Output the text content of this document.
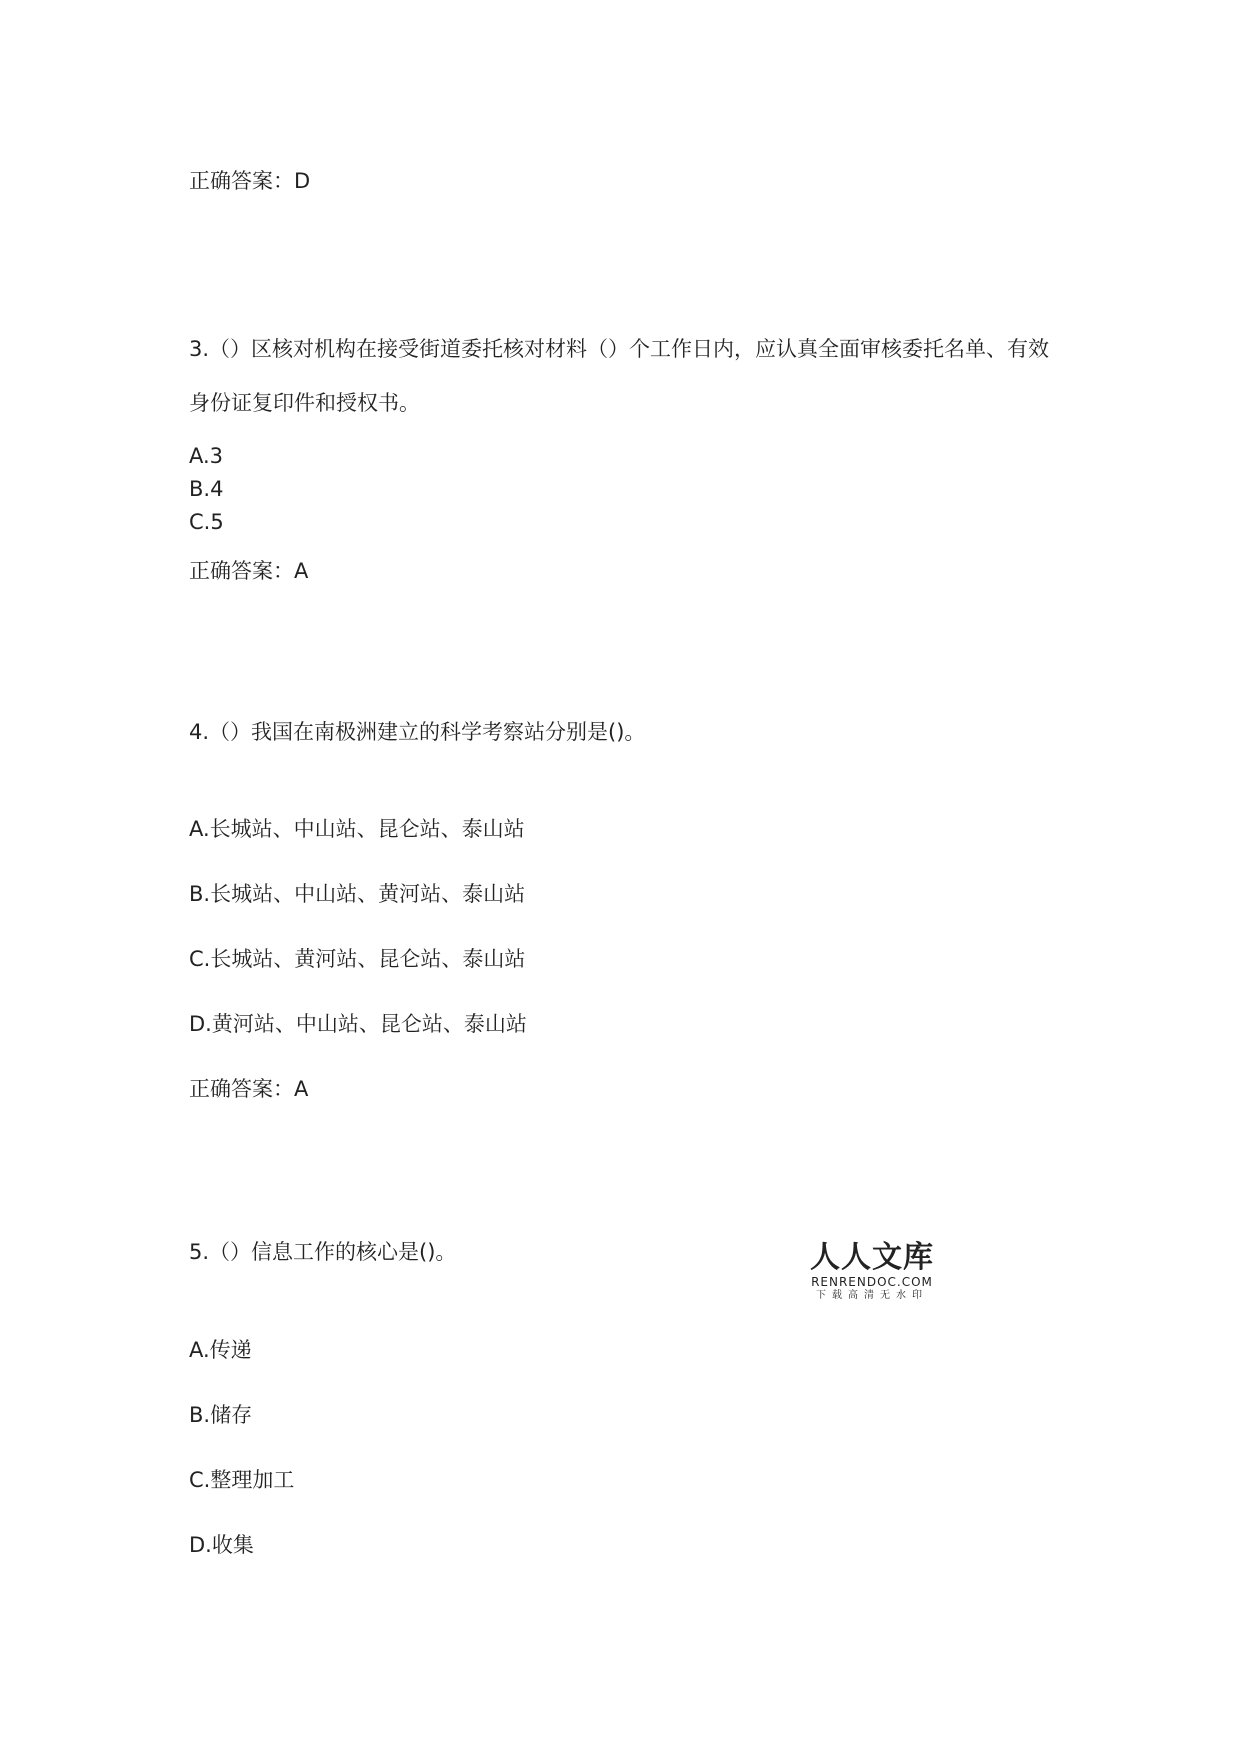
正确答案：D
3.（）区核对机构在接受街道委托核对材料（）个工作日内，应认真全面审核委托名单、有效身份证复印件和授权书。
A.3
B.4
C.5
正确答案：A
4.（）我国在南极洲建立的科学考察站分别是()。
A.长城站、中山站、昆仑站、泰山站
B.长城站、中山站、黄河站、泰山站
C.长城站、黄河站、昆仑站、泰山站
D.黄河站、中山站、昆仑站、泰山站
正确答案：A
5.（）信息工作的核心是()。
A.传递
B.储存
C.整理加工
D.收集
人人文库
RENRENDOC.COM
下载高清无水印
